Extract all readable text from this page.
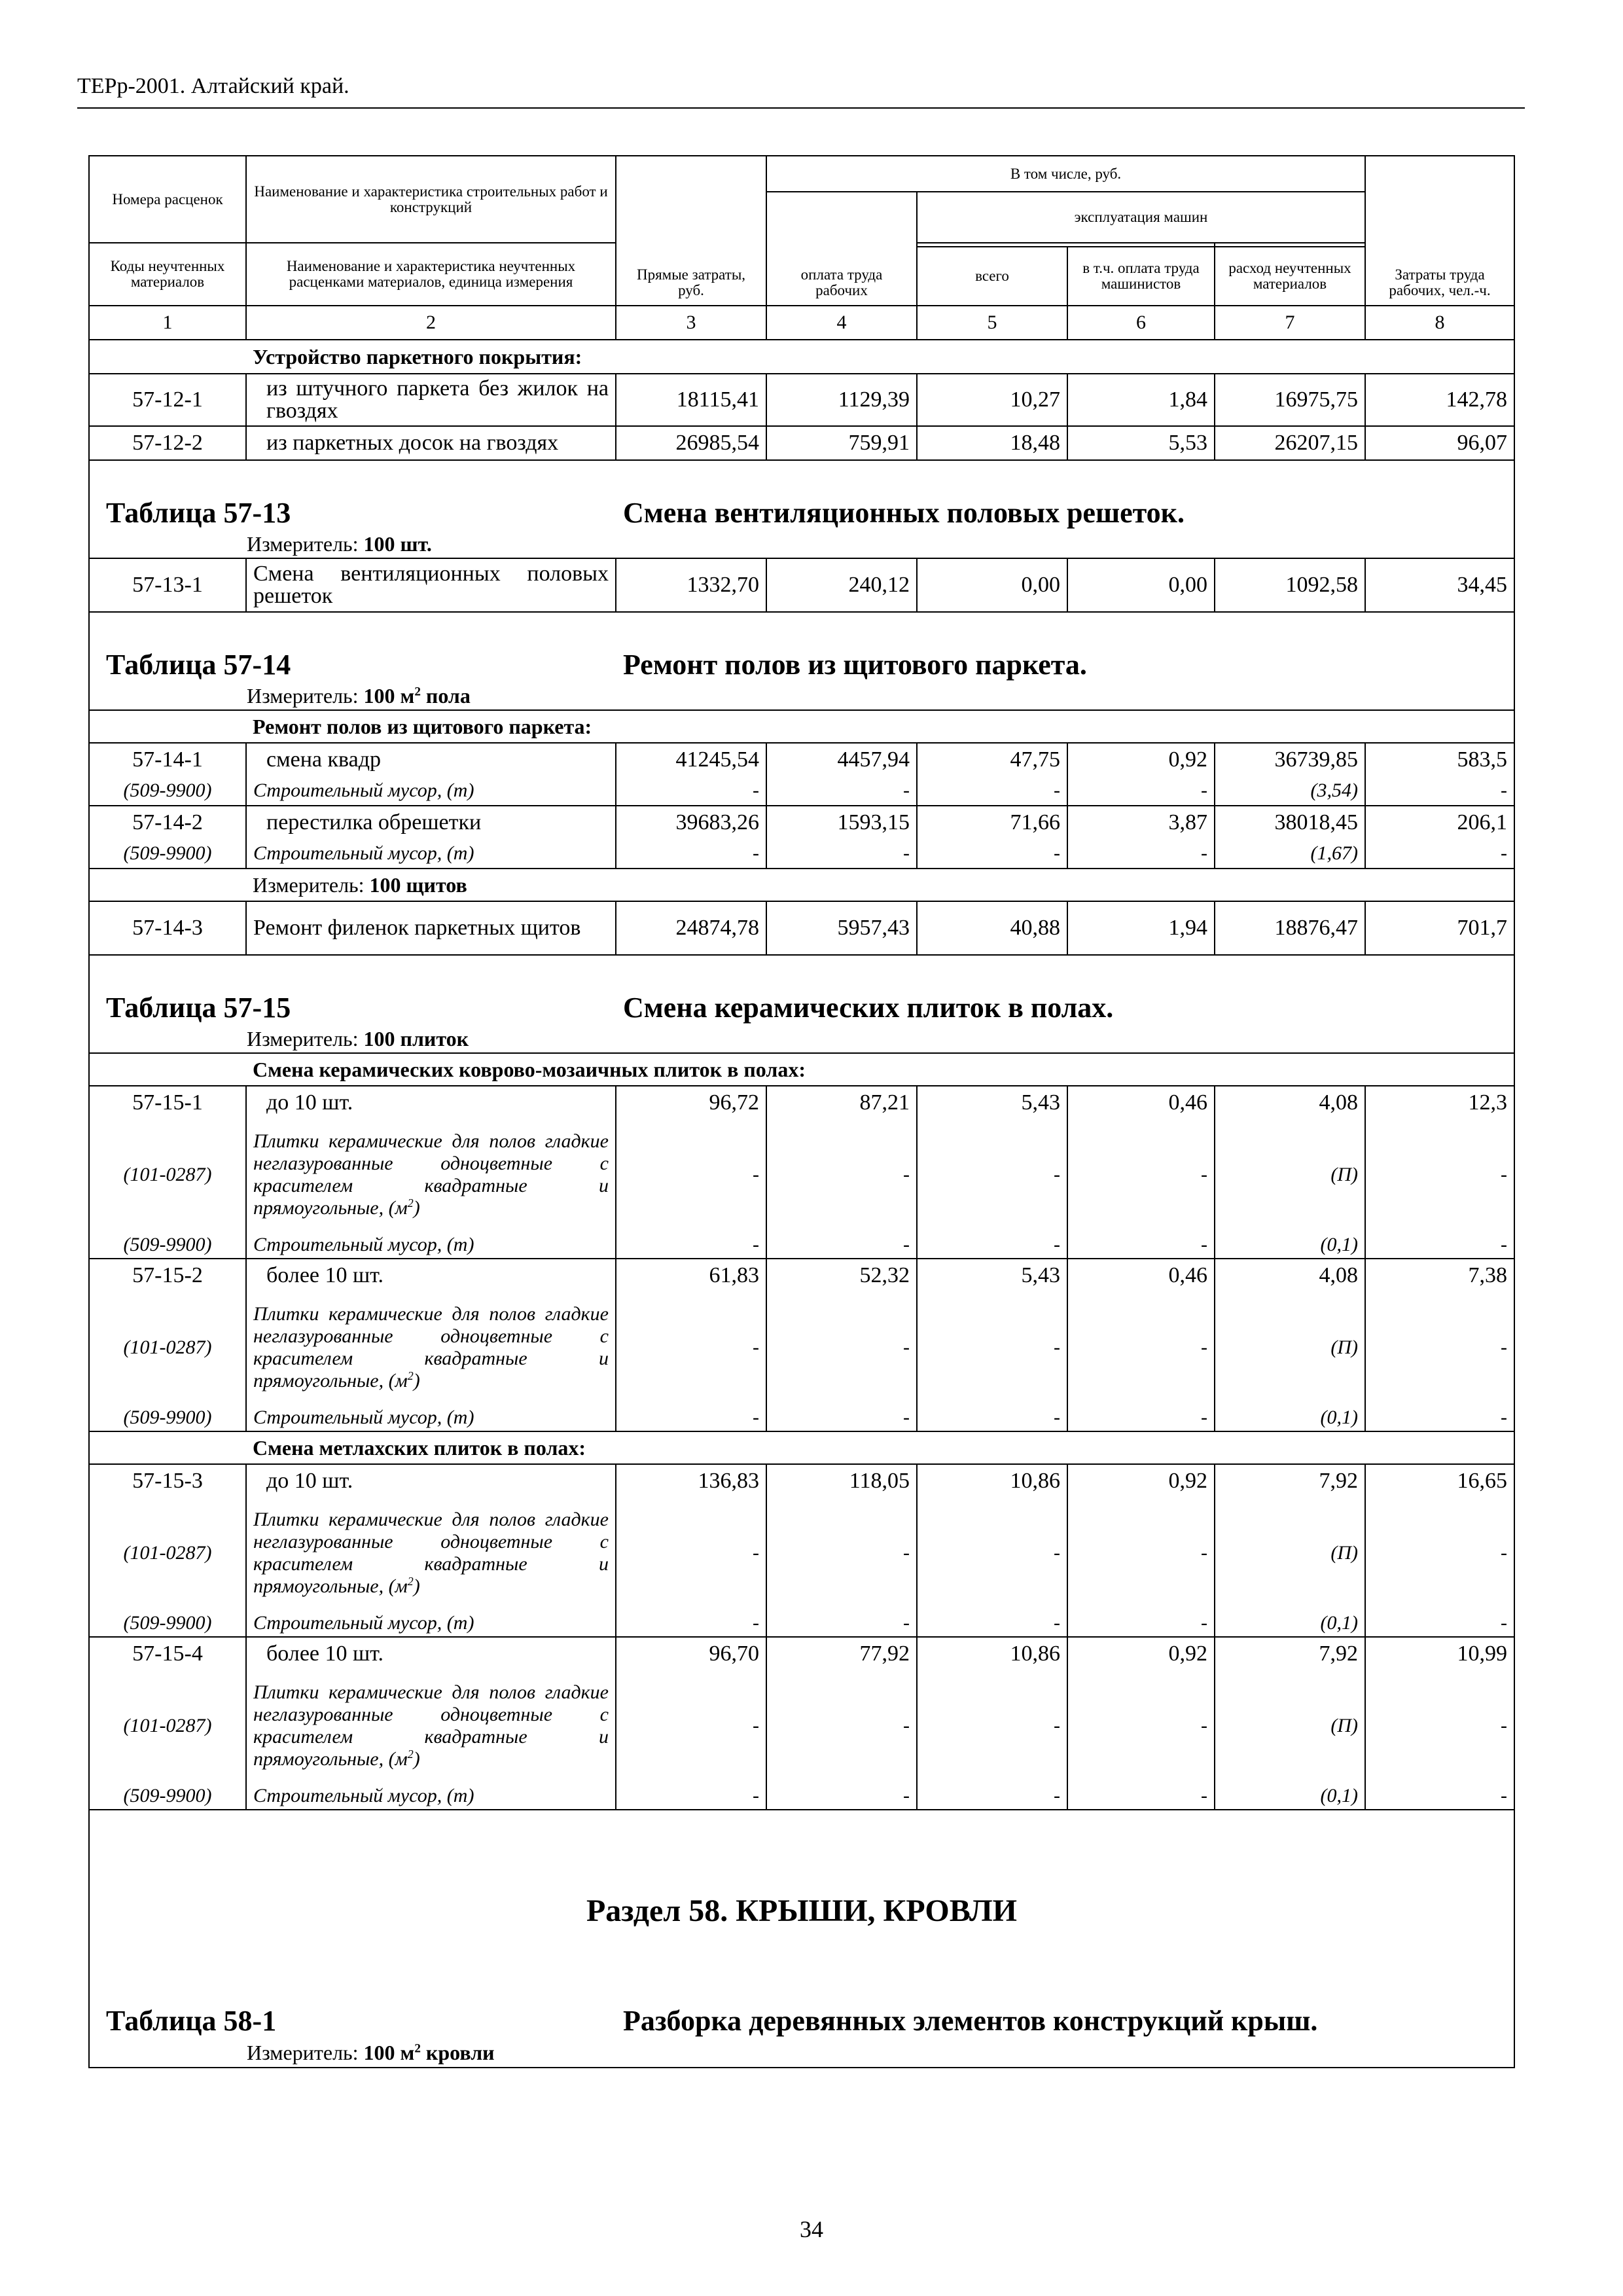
ТЕРр-2001. Алтайский край.
Номера расценок	Наименование и характеристика строительных работ и конструкций	Прямые затраты, руб.	В том числе, руб.				Затраты труда рабочих, чел.-ч.
			оплата труда рабочих	эксплуатация машин			
Коды неучтенных материалов	Наименование и характеристика неучтенных расценками материалов, единица измерения						
				всего	в т.ч. оплата труда машинистов	расход неучтенных материалов	
1	2	3	4	5	6	7	8
	Устройство паркетного покрытия:						
57-12-1	из штучного паркета без жилок на гвоздях	18115,41	1129,39	10,27	1,84	16975,75	142,78
57-12-2	из паркетных досок на гвоздях	26985,54	759,91	18,48	5,53	26207,15	96,07
Таблица 57-13 Смена вентиляционных половых решеток.							
Измеритель: 100 шт.							
57-13-1	Смена вентиляционных половых решеток	1332,70	240,12	0,00	0,00	1092,58	34,45
Таблица 57-14 Ремонт полов из щитового паркета.							
Измеритель: 100 $м^2$ пола							
	Ремонт полов из щитового паркета:						
57-14-1	смена квадр	41245,54	4457,94	47,75	0,92	36739,85	583,5
(509-9900)	Строительный мусор, (т)	-	-	-	-	(3,54)	-
57-14-2	перестилка обрешетки	39683,26	1593,15	71,66	3,87	38018,45	206,1
(509-9900)	Строительный мусор, (т)	-	-	-	-	(1,67)	-
	Измеритель: 100 щитов						
57-14-3	Ремонт филенок паркетных щитов	24874,78	5957,43	40,88	1,94	18876,47	701,7
Таблица 57-15 Смена керамических плиток в полах.							
Измеритель: 100 плиток							
	Смена керамических коврово-мозаичных плиток в полах:						
57-15-1	до 10 шт.	96,72	87,21	5,43	0,46	4,08	12,3
(101-0287)	Плитки керамические для полов гладкие неглазурованные одноцветные с красителем квадратные и прямоугольные, $(м^2)$	-	-	-	-	(П)	-
(509-9900)	Строительный мусор, (т)	-	-	-	-	(0,1)	-
57-15-2	более 10 шт.	61,83	52,32	5,43	0,46	4,08	7,38
(101-0287)	Плитки керамические для полов гладкие неглазурованные одноцветные с красителем квадратные и прямоугольные, $(м^2)$	-	-	-	-	(П)	-
(509-9900)	Строительный мусор, (т)	-	-	-	-	(0,1)	-
	Смена метлахских плиток в полах:						
57-15-3	до 10 шт.	136,83	118,05	10,86	0,92	7,92	16,65
(101-0287)	Плитки керамические для полов гладкие неглазурованные одноцветные с красителем квадратные и прямоугольные, $(м^2)$	-	-	-	-	(П)	-
(509-9900)	Строительный мусор, (т)	-	-	-	-	(0,1)	-
57-15-4	более 10 шт.	96,70	77,92	10,86	0,92	7,92	10,99
(101-0287)	Плитки керамические для полов гладкие неглазурованные одноцветные с красителем квадратные и прямоугольные, $(м^2)$	-	-	-	-	(П)	-
(509-9900)	Строительный мусор, (т)	-	-	-	-	(0,1)	-
Раздел 58. КРЫШИ, КРОВЛИ							
Таблица 58-1 Разборка деревянных элементов конструкций крыш.							
Измеритель: 100 $м^2$ кровли							
34
